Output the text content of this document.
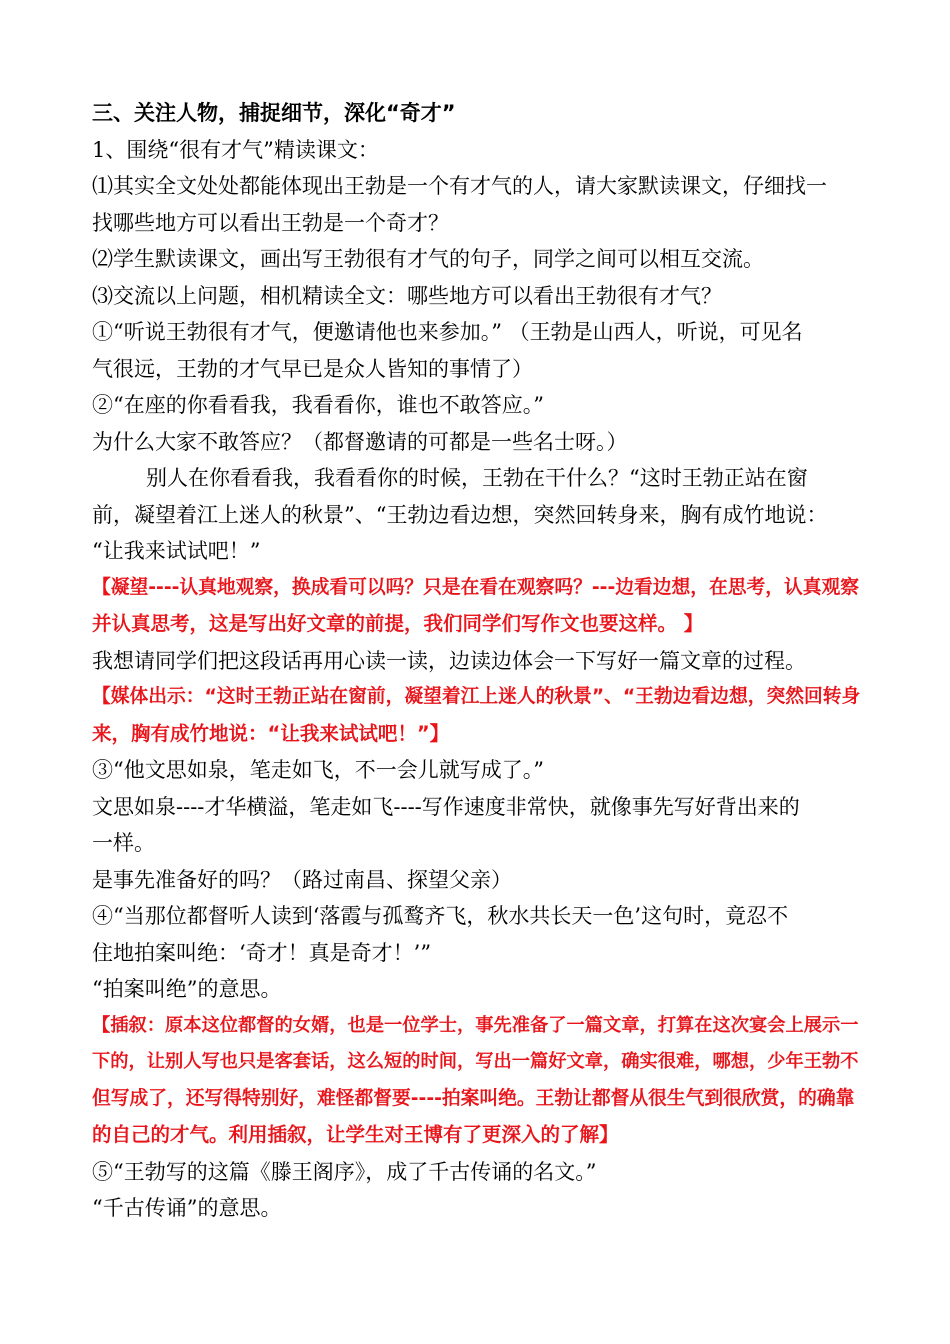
三、关注人物，捕捉细节，深化“奇才”
1、围绕“很有才气”精读课文：
⑴其实全文处处都能体现出王勃是一个有才气的人，请大家默读课文，仔细找一
找哪些地方可以看出王勃是一个奇才？
⑵学生默读课文，画出写王勃很有才气的句子，同学之间可以相互交流。
⑶交流以上问题，相机精读全文：哪些地方可以看出王勃很有才气？
①“听说王勃很有才气，便邀请他也来参加。” （王勃是山西人，听说，可见名
气很远，王勃的才气早已是众人皆知的事情了）
②“在座的你看看我，我看看你，谁也不敢答应。”
为什么大家不敢答应？（都督邀请的可都是一些名士呀。）
别人在你看看我，我看看你的时候，王勃在干什么？“这时王勃正站在窗
前，凝望着江上迷人的秋景”、“王勃边看边想，突然回转身来，胸有成竹地说：
“让我来试试吧！”
【凝望----认真地观察，换成看可以吗？只是在看在观察吗？---边看边想，在思考，认真观察
并认真思考，这是写出好文章的前提，我们同学们写作文也要这样。 】
我想请同学们把这段话再用心读一读，边读边体会一下写好一篇文章的过程。
【媒体出示：“这时王勃正站在窗前，凝望着江上迷人的秋景”、“王勃边看边想，突然回转身
来，胸有成竹地说：“让我来试试吧！”】
③“他文思如泉，笔走如飞，不一会儿就写成了。”
文思如泉----才华横溢，笔走如飞----写作速度非常快，就像事先写好背出来的
一样。
是事先准备好的吗？（路过南昌、探望父亲）
④“当那位都督听人读到‘落霞与孤鹜齐飞，秋水共长天一色’这句时，竟忍不
住地拍案叫绝：‘奇才！真是奇才！’”
“拍案叫绝”的意思。
【插叙：原本这位都督的女婿，也是一位学士，事先准备了一篇文章，打算在这次宴会上展示一
下的，让别人写也只是客套话，这么短的时间，写出一篇好文章，确实很难，哪想，少年王勃不
但写成了，还写得特别好，难怪都督要----拍案叫绝。王勃让都督从很生气到很欣赏，的确靠
的自己的才气。利用插叙，让学生对王博有了更深入的了解】
⑤“王勃写的这篇《滕王阁序》，成了千古传诵的名文。”
“千古传诵”的意思。
